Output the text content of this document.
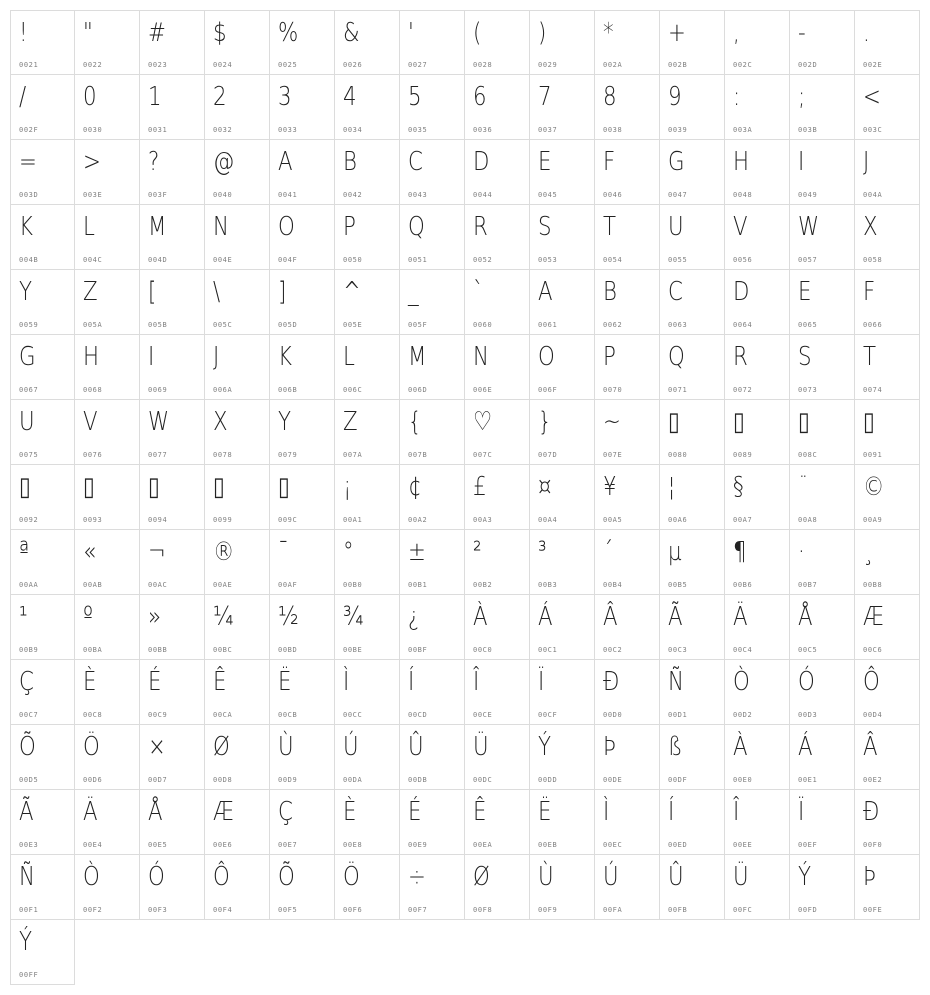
!
0021
"
0022
#
0023
$
0024
%
0025
&
0026
'
0027
(
0028
)
0029
*
002A
+
002B
,
002C
-
002D
.
002E
/
002F
0
0030
1
0031
2
0032
3
0033
4
0034
5
0035
6
0036
7
0037
8
0038
9
0039
:
003A
;
003B
<
003C
=
003D
>
003E
?
003F
@
0040
A
0041
B
0042
C
0043
D
0044
E
0045
F
0046
G
0047
H
0048
I
0049
J
004A
K
004B
L
004C
M
004D
N
004E
O
004F
P
0050
Q
0051
R
0052
S
0053
T
0054
U
0055
V
0056
W
0057
X
0058
Y
0059
Z
005A
[
005B
\
005C
]
005D
^
005E
_
005F
`
0060
A
0061
B
0062
C
0063
D
0064
E
0065
F
0066
G
0067
H
0068
I
0069
J
006A
K
006B
L
006C
M
006D
N
006E
O
006F
P
0070
Q
0071
R
0072
S
0073
T
0074
U
0075
V
0076
W
0077
X
0078
Y
0079
Z
007A
{
007B
♡
007C
}
007D
~
007E
▯
0080
▯
0089
▯
008C
▯
0091
▯
0092
▯
0093
▯
0094
▯
0099
▯
009C
¡
00A1
¢
00A2
£
00A3
¤
00A4
¥
00A5
¦
00A6
§
00A7
¨
00A8
©
00A9
ª
00AA
«
00AB
¬
00AC
®
00AE
¯
00AF
°
00B0
±
00B1
²
00B2
³
00B3
´
00B4
µ
00B5
¶
00B6
·
00B7
¸
00B8
¹
00B9
º
00BA
»
00BB
¼
00BC
½
00BD
¾
00BE
¿
00BF
À
00C0
Á
00C1
Â
00C2
Ã
00C3
Ä
00C4
Å
00C5
Æ
00C6
Ç
00C7
È
00C8
É
00C9
Ê
00CA
Ë
00CB
Ì
00CC
Í
00CD
Î
00CE
Ï
00CF
Ð
00D0
Ñ
00D1
Ò
00D2
Ó
00D3
Ô
00D4
Õ
00D5
Ö
00D6
×
00D7
Ø
00D8
Ù
00D9
Ú
00DA
Û
00DB
Ü
00DC
Ý
00DD
Þ
00DE
ß
00DF
À
00E0
Á
00E1
Â
00E2
Ã
00E3
Ä
00E4
Å
00E5
Æ
00E6
Ç
00E7
È
00E8
É
00E9
Ê
00EA
Ë
00EB
Ì
00EC
Í
00ED
Î
00EE
Ï
00EF
Ð
00F0
Ñ
00F1
Ò
00F2
Ó
00F3
Ô
00F4
Õ
00F5
Ö
00F6
÷
00F7
Ø
00F8
Ù
00F9
Ú
00FA
Û
00FB
Ü
00FC
Ý
00FD
Þ
00FE
Ý
00FF
